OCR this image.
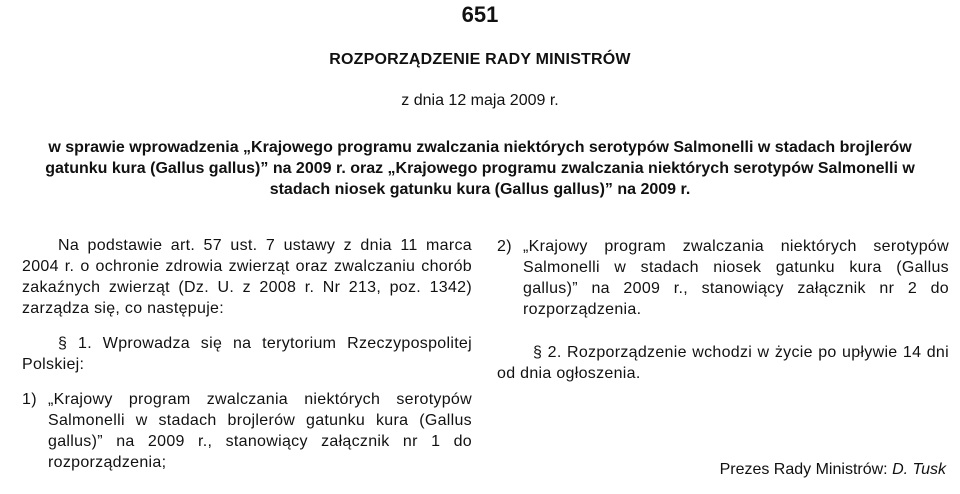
651
ROZPORZĄDZENIE RADY MINISTRÓW
z dnia 12 maja 2009 r.
w sprawie wprowadzenia „Krajowego programu zwalczania niektórych serotypów Salmonelli w stadach brojlerów gatunku kura (Gallus gallus)” na 2009 r. oraz „Krajowego programu zwalczania niektórych serotypów Salmonelli w stadach niosek gatunku kura (Gallus gallus)” na 2009 r.

Na podstawie art. 57 ust. 7 ustawy z dnia 11 marca 2004 r. o ochronie zdrowia zwierząt oraz zwalczaniu chorób zakaźnych zwierząt (Dz. U. z 2008 r. Nr 213, poz. 1342) zarządza się, co następuje:

§ 1. Wprowadza się na terytorium Rzeczypospolitej Polskiej:

1) „Krajowy program zwalczania niektórych serotypów Salmonelli w stadach brojlerów gatunku kura (Gallus gallus)” na 2009 r., stanowiący załącznik nr 1 do rozporządzenia;
2) „Krajowy program zwalczania niektórych serotypów Salmonelli w stadach niosek gatunku kura (Gallus gallus)” na 2009 r., stanowiący załącznik nr 2 do rozporządzenia.

§ 2. Rozporządzenie wchodzi w życie po upływie 14 dni od dnia ogłoszenia.

Prezes Rady Ministrów: D. Tusk
